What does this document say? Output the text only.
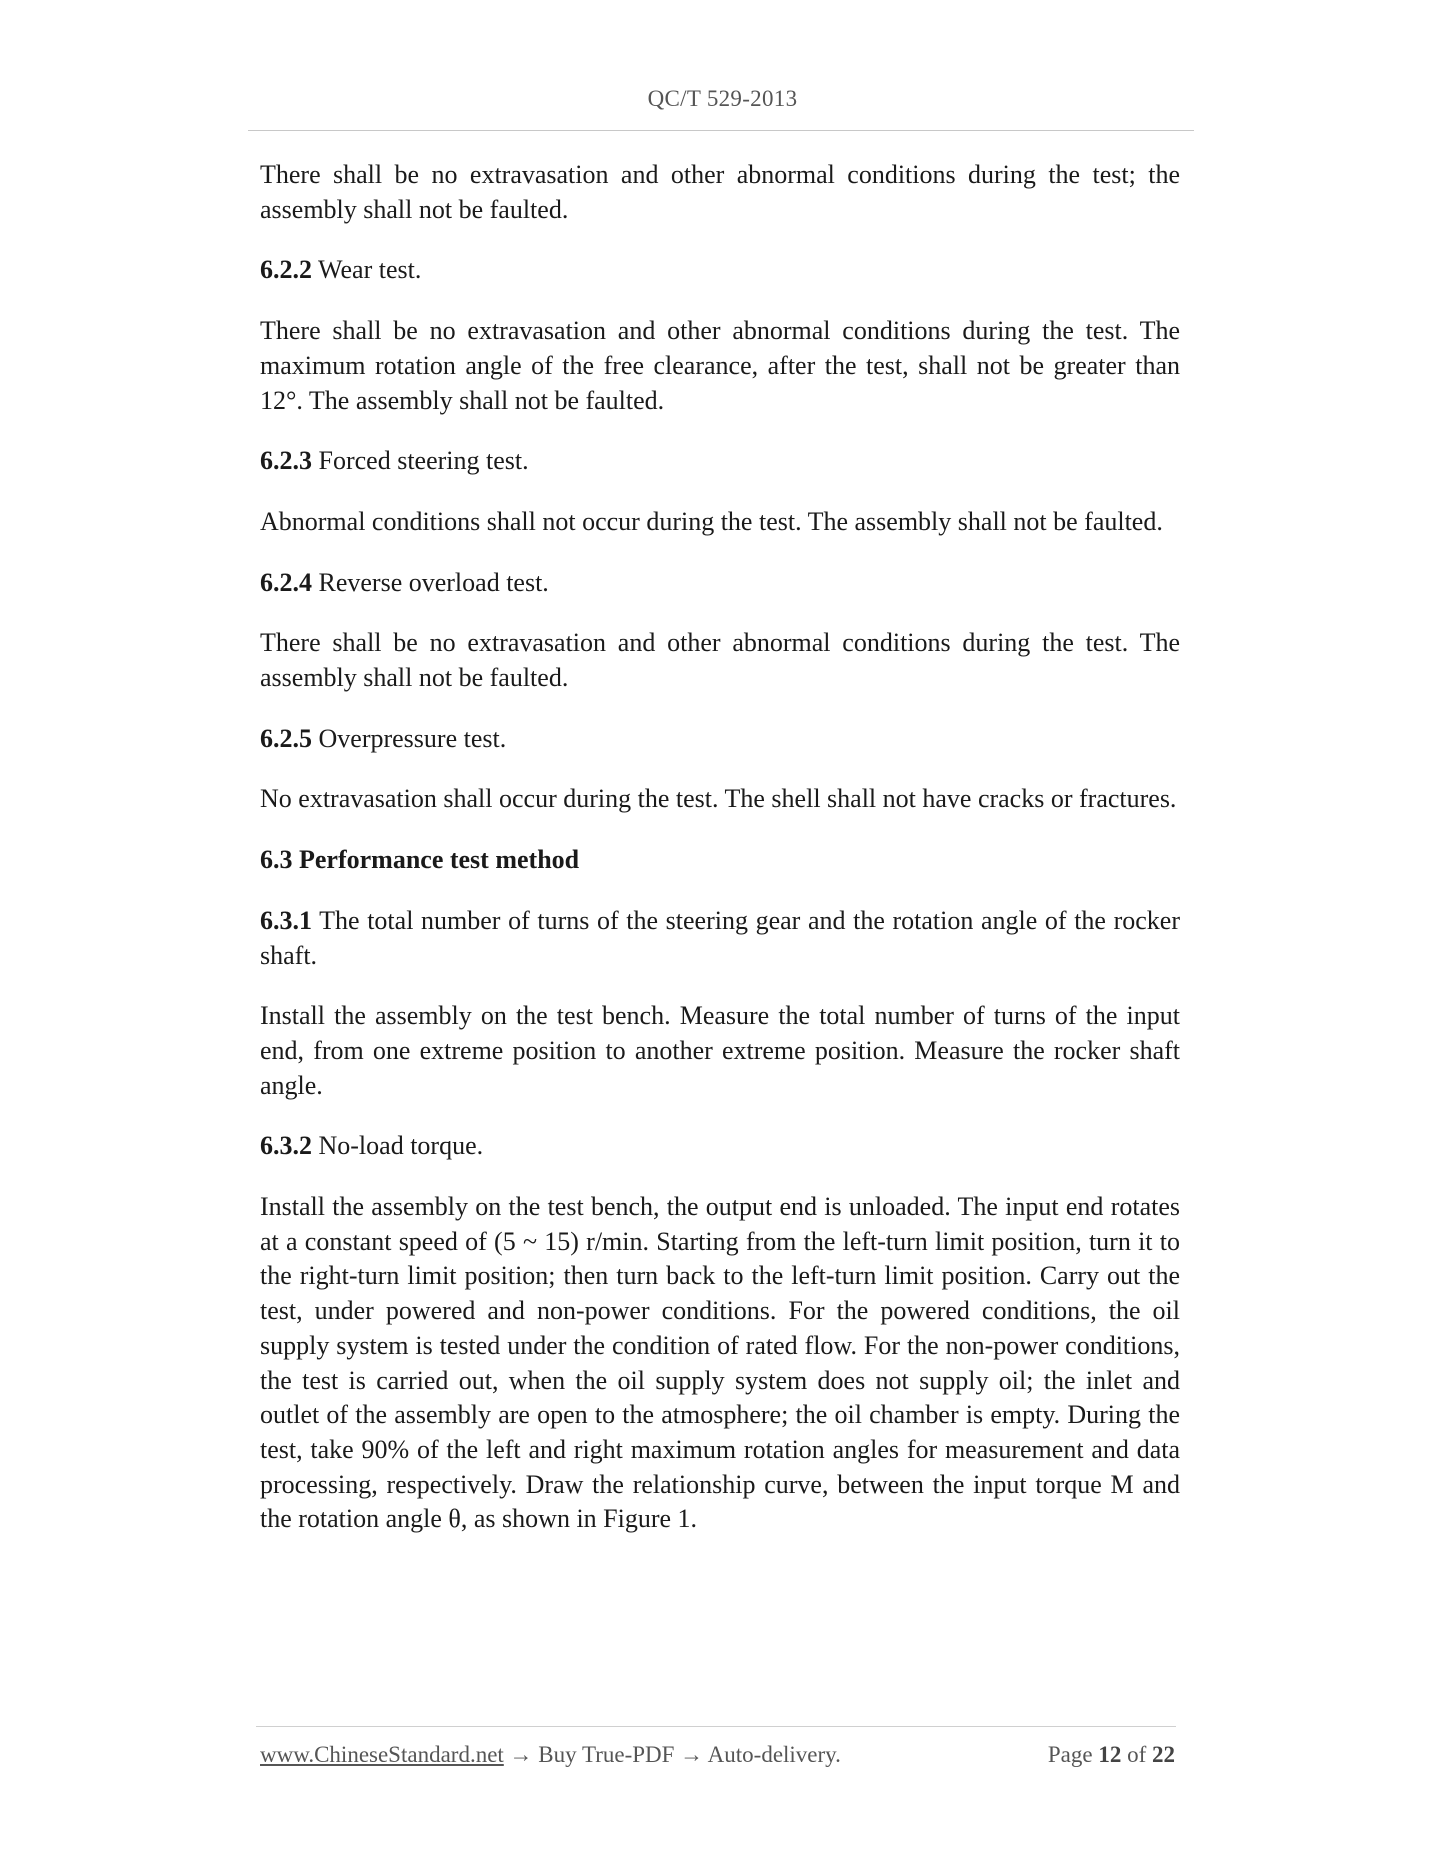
QC/T 529-2013

There shall be no extravasation and other abnormal conditions during the test; the assembly shall not be faulted.

6.2.2 Wear test.

There shall be no extravasation and other abnormal conditions during the test. The maximum rotation angle of the free clearance, after the test, shall not be greater than 12°. The assembly shall not be faulted.

6.2.3 Forced steering test.

Abnormal conditions shall not occur during the test. The assembly shall not be faulted.

6.2.4 Reverse overload test.

There shall be no extravasation and other abnormal conditions during the test. The assembly shall not be faulted.

6.2.5 Overpressure test.

No extravasation shall occur during the test. The shell shall not have cracks or fractures.

6.3 Performance test method

6.3.1 The total number of turns of the steering gear and the rotation angle of the rocker shaft.

Install the assembly on the test bench. Measure the total number of turns of the input end, from one extreme position to another extreme position. Measure the rocker shaft angle.

6.3.2 No-load torque.

Install the assembly on the test bench, the output end is unloaded. The input end rotates at a constant speed of (5 ~ 15) r/min. Starting from the left-turn limit position, turn it to the right-turn limit position; then turn back to the left-turn limit position. Carry out the test, under powered and non-power conditions. For the powered conditions, the oil supply system is tested under the condition of rated flow. For the non-power conditions, the test is carried out, when the oil supply system does not supply oil; the inlet and outlet of the assembly are open to the atmosphere; the oil chamber is empty. During the test, take 90% of the left and right maximum rotation angles for measurement and data processing, respectively. Draw the relationship curve, between the input torque M and the rotation angle θ, as shown in Figure 1.

www.ChineseStandard.net → Buy True-PDF → Auto-delivery.	Page 12 of 22
